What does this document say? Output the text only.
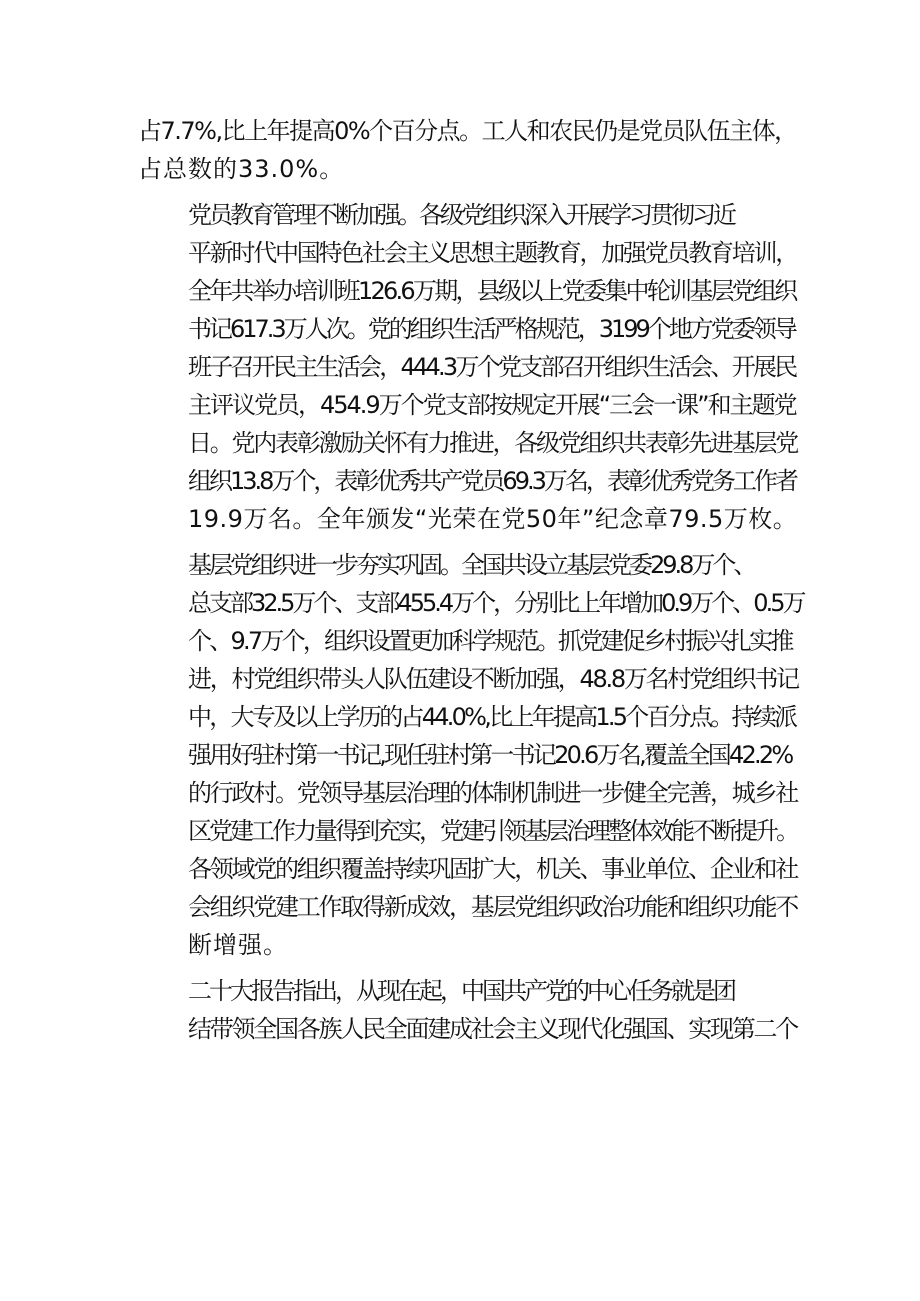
占7.7%,比上年提高0%个百分点。工人和农民仍是党员队伍主体，
占总数的33.0%。

党员教育管理不断加强。各级党组织深入开展学习贯彻习近
平新时代中国特色社会主义思想主题教育，加强党员教育培训，
全年共举办培训班126.6万期，县级以上党委集中轮训基层党组织
书记617.3万人次。党的组织生活严格规范，3199个地方党委领导
班子召开民主生活会，444.3万个党支部召开组织生活会、开展民
主评议党员，454.9万个党支部按规定开展“三会一课”和主题党
日。党内表彰激励关怀有力推进，各级党组织共表彰先进基层党
组织13.8万个，表彰优秀共产党员69.3万名，表彰优秀党务工作者
19.9万名。全年颁发“光荣在党50年”纪念章79.5万枚。

基层党组织进一步夯实巩固。全国共设立基层党委29.8万个、
总支部32.5万个、支部455.4万个，分别比上年增加0.9万个、0.5万
个、9.7万个，组织设置更加科学规范。抓党建促乡村振兴扎实推
进，村党组织带头人队伍建设不断加强，48.8万名村党组织书记
中，大专及以上学历的占44.0%,比上年提高1.5个百分点。持续派
强用好驻村第一书记,现任驻村第一书记20.6万名,覆盖全国42.2%
的行政村。党领导基层治理的体制机制进一步健全完善，城乡社
区党建工作力量得到充实，党建引领基层治理整体效能不断提升。
各领域党的组织覆盖持续巩固扩大，机关、事业单位、企业和社
会组织党建工作取得新成效，基层党组织政治功能和组织功能不
断增强。

二十大报告指出，从现在起，中国共产党的中心任务就是团
结带领全国各族人民全面建成社会主义现代化强国、实现第二个
